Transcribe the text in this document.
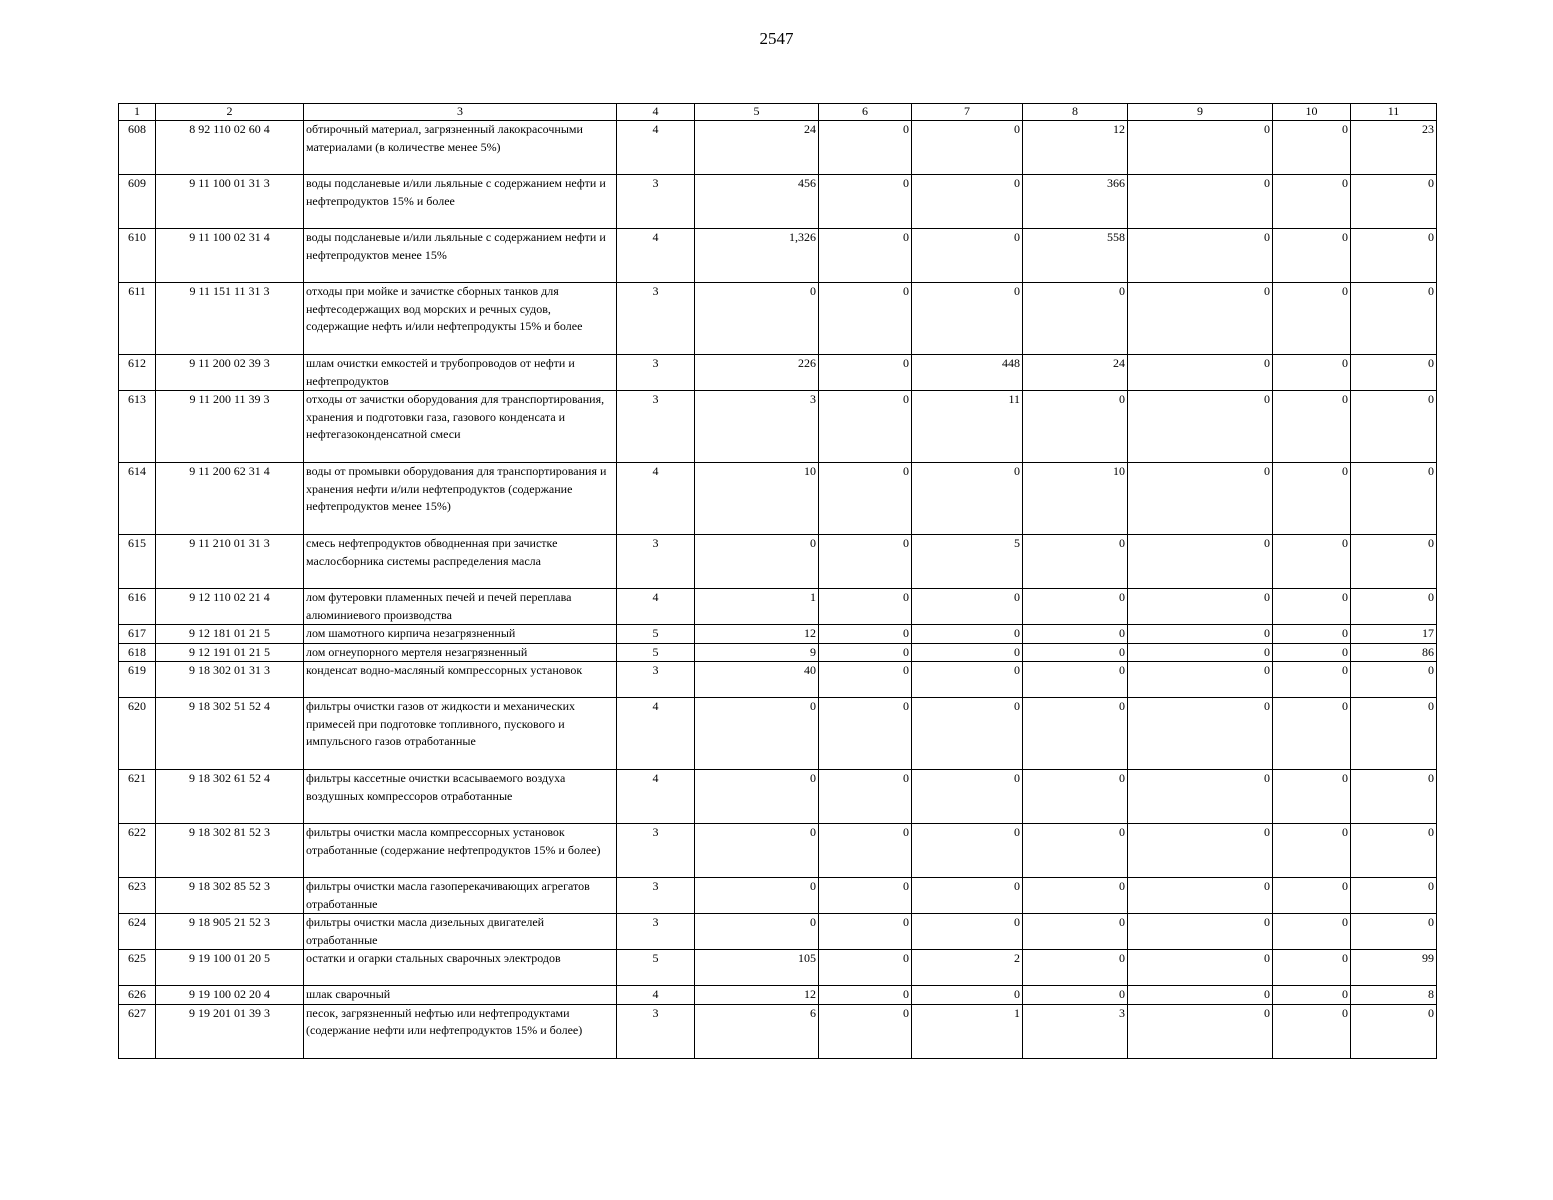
2547
1	2	3	4	5	6	7	8	9	10	11
608	8 92 110 02 60 4	обтирочный материал, загрязненный лакокрасочными материалами (в количестве менее 5%)	4	24	0	0	12	0	0	23
609	9 11 100 01 31 3	воды подсланевые и/или льяльные с содержанием нефти и нефтепродуктов 15% и более	3	456	0	0	366	0	0	0
610	9 11 100 02 31 4	воды подсланевые и/или льяльные с содержанием нефти и нефтепродуктов менее 15%	4	1,326	0	0	558	0	0	0
611	9 11 151 11 31 3	отходы при мойке и зачистке сборных танков для нефтесодержащих вод морских и речных судов, содержащие нефть и/или нефтепродукты 15% и более	3	0	0	0	0	0	0	0
612	9 11 200 02 39 3	шлам очистки емкостей и трубопроводов от нефти и нефтепродуктов	3	226	0	448	24	0	0	0
613	9 11 200 11 39 3	отходы от зачистки оборудования для транспортирования, хранения и подготовки газа, газового конденсата и нефтегазоконденсатной смеси	3	3	0	11	0	0	0	0
614	9 11 200 62 31 4	воды от промывки оборудования для транспортирования и хранения нефти и/или нефтепродуктов (содержание нефтепродуктов менее 15%)	4	10	0	0	10	0	0	0
615	9 11 210 01 31 3	смесь нефтепродуктов обводненная при зачистке маслосборника системы распределения масла	3	0	0	5	0	0	0	0
616	9 12 110 02 21 4	лом футеровки пламенных печей и печей переплава алюминиевого производства	4	1	0	0	0	0	0	0
617	9 12 181 01 21 5	лом шамотного кирпича незагрязненный	5	12	0	0	0	0	0	17
618	9 12 191 01 21 5	лом огнеупорного мертеля незагрязненный	5	9	0	0	0	0	0	86
619	9 18 302 01 31 3	конденсат водно-масляный компрессорных установок	3	40	0	0	0	0	0	0
620	9 18 302 51 52 4	фильтры очистки газов от жидкости и механических примесей при подготовке топливного, пускового и импульсного газов отработанные	4	0	0	0	0	0	0	0
621	9 18 302 61 52 4	фильтры кассетные очистки всасываемого воздуха воздушных компрессоров отработанные	4	0	0	0	0	0	0	0
622	9 18 302 81 52 3	фильтры очистки масла компрессорных установок отработанные (содержание нефтепродуктов 15% и более)	3	0	0	0	0	0	0	0
623	9 18 302 85 52 3	фильтры очистки масла газоперекачивающих агрегатов отработанные	3	0	0	0	0	0	0	0
624	9 18 905 21 52 3	фильтры очистки масла дизельных двигателей отработанные	3	0	0	0	0	0	0	0
625	9 19 100 01 20 5	остатки и огарки стальных сварочных электродов	5	105	0	2	0	0	0	99
626	9 19 100 02 20 4	шлак сварочный	4	12	0	0	0	0	0	8
627	9 19 201 01 39 3	песок, загрязненный нефтью или нефтепродуктами (содержание нефти или нефтепродуктов 15% и более)	3	6	0	1	3	0	0	0
